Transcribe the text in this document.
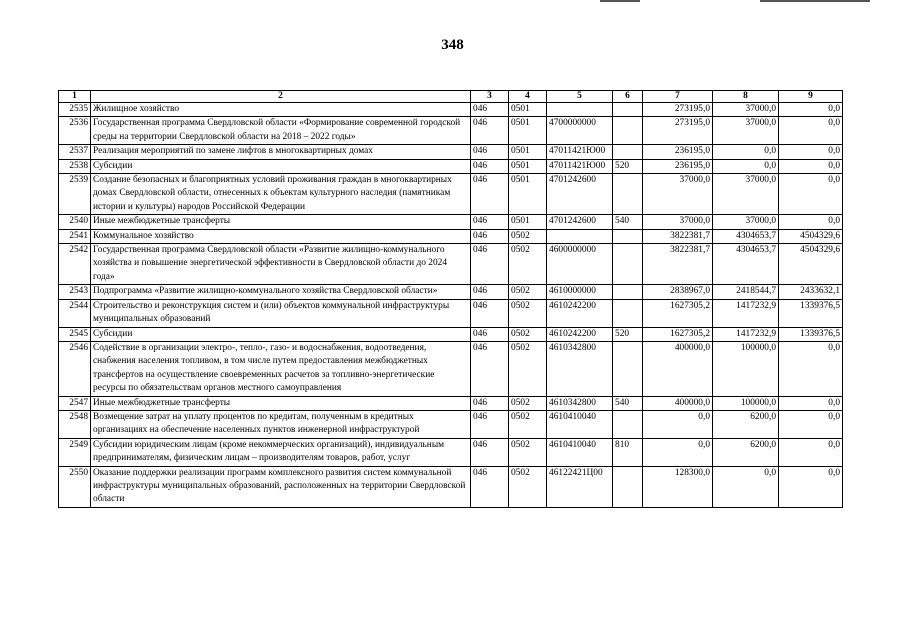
348
1	2	3	4	5	6	7	8	9
2535	Жилищное хозяйство	046	0501			273195,0	37000,0	0,0
2536	Государственная программа Свердловской области «Формирование современной городской среды на территории Свердловской области на 2018 – 2022 годы»	046	0501	4700000000		273195,0	37000,0	0,0
2537	Реализация мероприятий по замене лифтов в многоквартирных домах	046	0501	47011421Ю00		236195,0	0,0	0,0
2538	Субсидии	046	0501	47011421Ю00	520	236195,0	0,0	0,0
2539	Создание безопасных и благоприятных условий проживания граждан в многоквартирных домах Свердловской области, отнесенных к объектам культурного наследия (памятникам истории и культуры) народов Российской Федерации	046	0501	4701242600		37000,0	37000,0	0,0
2540	Иные межбюджетные трансферты	046	0501	4701242600	540	37000,0	37000,0	0,0
2541	Коммунальное хозяйство	046	0502			3822381,7	4304653,7	4504329,6
2542	Государственная программа Свердловской области «Развитие жилищно-коммунального хозяйства и повышение энергетической эффективности в Свердловской области до 2024 года»	046	0502	4600000000		3822381,7	4304653,7	4504329,6
2543	Подпрограмма «Развитие жилищно-коммунального хозяйства Свердловской области»	046	0502	4610000000		2838967,0	2418544,7	2433632,1
2544	Строительство и реконструкция систем и (или) объектов коммунальной инфраструктуры муниципальных образований	046	0502	4610242200		1627305,2	1417232,9	1339376,5
2545	Субсидии	046	0502	4610242200	520	1627305,2	1417232,9	1339376,5
2546	Содействие в организации электро-, тепло-, газо- и водоснабжения, водоотведения, снабжения населения топливом, в том числе путем предоставления межбюджетных трансфертов на осуществление своевременных расчетов за топливно-энергетические ресурсы по обязательствам органов местного самоуправления	046	0502	4610342800		400000,0	100000,0	0,0
2547	Иные межбюджетные трансферты	046	0502	4610342800	540	400000,0	100000,0	0,0
2548	Возмещение затрат на уплату процентов по кредитам, полученным в кредитных организациях на обеспечение населенных пунктов инженерной инфраструктурой	046	0502	4610410040		0,0	6200,0	0,0
2549	Субсидии юридическим лицам (кроме некоммерческих организаций), индивидуальным предпринимателям, физическим лицам – производителям товаров, работ, услуг	046	0502	4610410040	810	0,0	6200,0	0,0
2550	Оказание поддержки реализации программ комплексного развития систем коммунальной инфраструктуры муниципальных образований, расположенных на территории Свердловской области	046	0502	46122421Ц00		128300,0	0,0	0,0
